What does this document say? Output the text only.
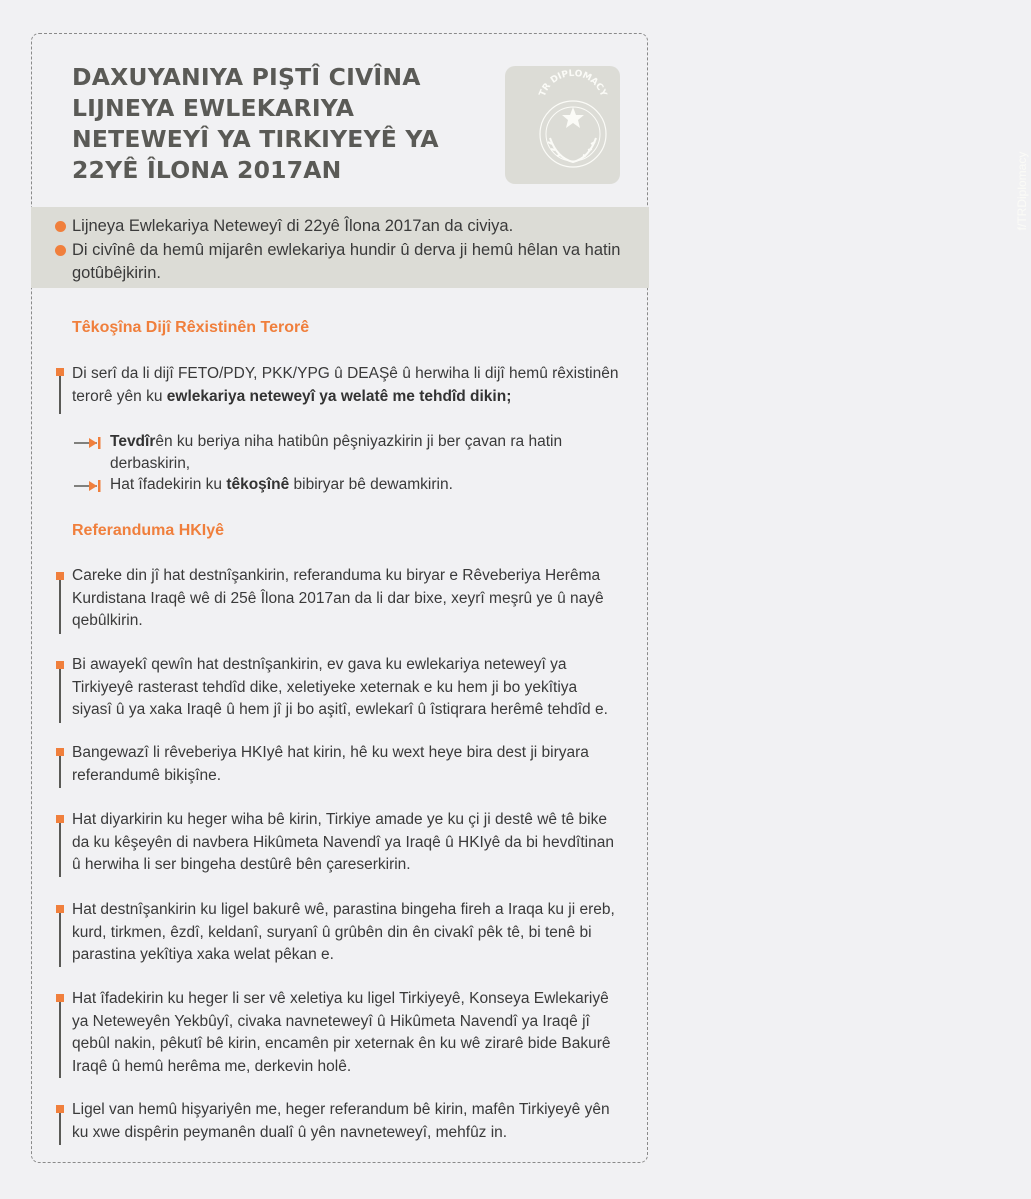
DAXUYANIYA PIŞTÎ CIVÎNA LIJNEYA EWLEKARIYA NETEWEYÎ YA TIRKIYEYÊ YA 22YÊ ÎLONA 2017AN
TR DIPLOMACY
f/TRDiplomacy
Lijneya Ewlekariya Neteweyî di 22yê Îlona 2017an da civiya.
Di civînê da hemû mijarên ewlekariya hundir û derva ji hemû hêlan va hatin gotûbêjkirin.
Têkoşîna Dijî Rêxistinên Terorê
Di serî da li dijî FETO/PDY, PKK/YPG û DEAŞê û herwiha li dijî hemû rêxistinên terorê yên ku ewlekariya neteweyî ya welatê me tehdîd dikin;
Tevdîrên ku beriya niha hatibûn pêşniyazkirin ji ber çavan ra hatin derbaskirin,
Hat îfadekirin ku têkoşînê bibiryar bê dewamkirin.
Referanduma HKIyê
Careke din jî hat destnîşankirin, referanduma ku biryar e Rêveberiya Herêma Kurdistana Iraqê wê di 25ê Îlona 2017an da li dar bixe, xeyrî meşrû ye û nayê qebûlkirin.
Bi awayekî qewîn hat destnîşankirin, ev gava ku ewlekariya neteweyî ya Tirkiyeyê rasterast tehdîd dike, xeletiyeke xeternak e ku hem ji bo yekîtiya siyasî û ya xaka Iraqê û hem jî ji bo aşitî, ewlekarî û îstiqrara herêmê tehdîd e.
Bangewazî li rêveberiya HKIyê hat kirin, hê ku wext heye bira dest ji biryara referandumê bikişîne.
Hat diyarkirin ku heger wiha bê kirin, Tirkiye amade ye ku çi ji destê wê tê bike da ku kêşeyên di navbera Hikûmeta Navendî ya Iraqê û HKIyê da bi hevdîtinan û herwiha li ser bingeha destûrê bên çareserkirin.
Hat destnîşankirin ku ligel bakurê wê, parastina bingeha fireh a Iraqa ku ji ereb, kurd, tirkmen, êzdî, keldanî, suryanî û grûbên din ên civakî pêk tê, bi tenê bi parastina yekîtiya xaka welat pêkan e.
Hat îfadekirin ku heger li ser vê xeletiya ku ligel Tirkiyeyê, Konseya Ewlekariyê ya Neteweyên Yekbûyî, civaka navneteweyî û Hikûmeta Navendî ya Iraqê jî qebûl nakin, pêkutî bê kirin, encamên pir xeternak ên ku wê zirarê bide Bakurê Iraqê û hemû herêma me, derkevin holê.
Ligel van hemû hişyariyên me, heger referandum bê kirin, mafên Tirkiyeyê yên ku xwe dispêrin peymanên dualî û yên navneteweyî, mehfûz in.
